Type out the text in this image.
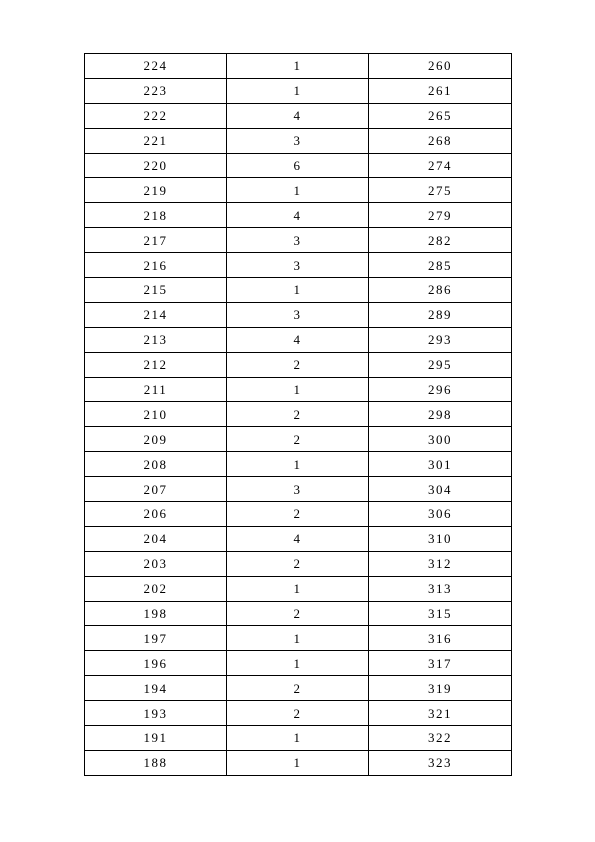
224	1	260
223	1	261
222	4	265
221	3	268
220	6	274
219	1	275
218	4	279
217	3	282
216	3	285
215	1	286
214	3	289
213	4	293
212	2	295
211	1	296
210	2	298
209	2	300
208	1	301
207	3	304
206	2	306
204	4	310
203	2	312
202	1	313
198	2	315
197	1	316
196	1	317
194	2	319
193	2	321
191	1	322
188	1	323
